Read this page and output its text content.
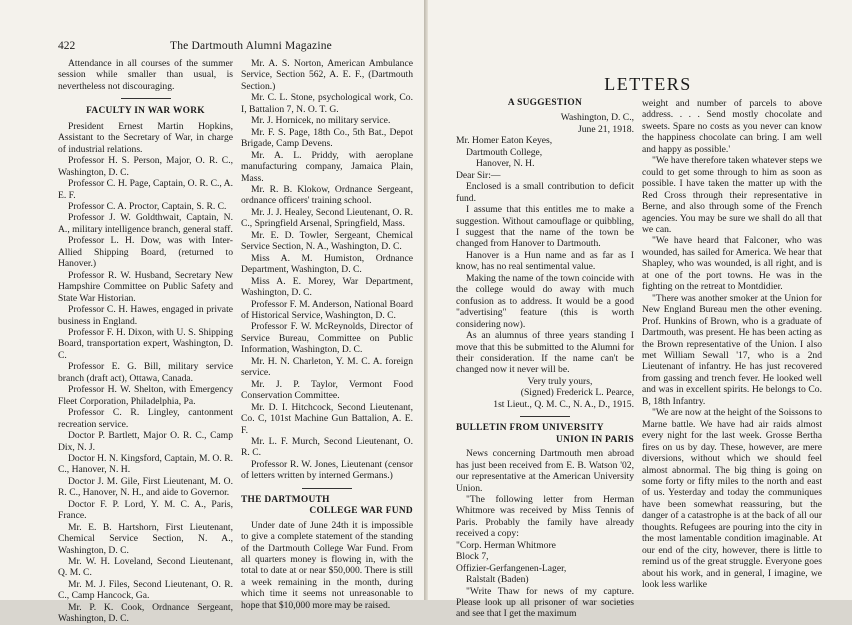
422	The Dartmouth Alumni Magazine

Attendance in all courses of the summer session while smaller than usual, is nevertheless not discouraging.

FACULTY IN WAR WORK

President Ernest Martin Hopkins, Assistant to the Secretary of War, in charge of industrial relations.

Professor H. S. Person, Major, O. R. C., Washington, D. C.

Professor C. H. Page, Captain, O. R. C., A. E. F.

Professor C. A. Proctor, Captain, S. R. C.

Professor J. W. Goldthwait, Captain, N. A., military intelligence branch, general staff.

Professor L. H. Dow, was with Inter-Allied Shipping Board, (returned to Hanover.)

Professor R. W. Husband, Secretary New Hampshire Committee on Public Safety and State War Historian.

Professor C. H. Hawes, engaged in private business in England.

Professor F. H. Dixon, with U. S. Shipping Board, transportation expert, Washington, D. C.

Professor E. G. Bill, military service branch (draft act), Ottawa, Canada.

Professor H. W. Shelton, with Emergency Fleet Corporation, Philadelphia, Pa.

Professor C. R. Lingley, cantonment recreation service.

Doctor P. Bartlett, Major O. R. C., Camp Dix, N. J.

Doctor H. N. Kingsford, Captain, M. O. R. C., Hanover, N. H.

Doctor J. M. Gile, First Lieutenant, M. O. R. C., Hanover, N. H., and aide to Governor.

Doctor F. P. Lord, Y. M. C. A., Paris, France.

Mr. E. B. Hartshorn, First Lieutenant, Chemical Service Section, N. A., Washington, D. C.

Mr. W. H. Loveland, Second Lieutenant, Q. M. C.

Mr. M. J. Files, Second Lieutenant, O. R. C., Camp Hancock, Ga.

Mr. P. K. Cook, Ordnance Sergeant, Washington, D. C.

Mr. A. S. Norton, American Ambulance Service, Section 562, A. E. F., (Dartmouth Section.)

Mr. C. L. Stone, psychological work, Co. I, Battalion 7, N. O. T. G.

Mr. J. Hornicek, no military service.

Mr. F. S. Page, 18th Co., 5th Bat., Depot Brigade, Camp Devens.

Mr. A. L. Priddy, with aeroplane manufacturing company, Jamaica Plain, Mass.

Mr. R. B. Klokow, Ordnance Sergeant, ordnance officers' training school.

Mr. J. J. Healey, Second Lieutenant, O. R. C., Springfield Arsenal, Springfield, Mass.

Mr. E. D. Towler, Sergeant, Chemical Service Section, N. A., Washington, D. C.

Miss A. M. Humiston, Ordnance Department, Washington, D. C.

Miss A. E. Morey, War Department, Washington, D. C.

Professor F. M. Anderson, National Board of Historical Service, Washington, D. C.

Professor F. W. McReynolds, Director of Service Bureau, Committee on Public Information, Washington, D. C.

Mr. H. N. Charleton, Y. M. C. A. foreign service.

Mr. J. P. Taylor, Vermont Food Conservation Committee.

Mr. D. I. Hitchcock, Second Lieutenant, Co. C, 101st Machine Gun Battalion, A. E. F.

Mr. L. F. Murch, Second Lieutenant, O. R. C.

Professor R. W. Jones, Lieutenant (censor of letters written by interned Germans.)

THE DARTMOUTH

COLLEGE WAR FUND

Under date of June 24th it is impossible to give a complete statement of the standing of the Dartmouth College War Fund. From all quarters money is flowing in, with the total to date at or near $50,000. There is still a week remaining in the month, during which time it seems not unreasonable to hope that $10,000 more may be raised.

LETTERS

A SUGGESTION

Washington, D. C.,

June 21, 1918.

Mr. Homer Eaton Keyes,

Dartmouth College,

Hanover, N. H.

Dear Sir:—

Enclosed is a small contribution to deficit fund.

I assume that this entitles me to make a suggestion. Without camouflage or quibbling, I suggest that the name of the town be changed from Hanover to Dartmouth.

Hanover is a Hun name and as far as I know, has no real sentimental value.

Making the name of the town coincide with the college would do away with much confusion as to address. It would be a good "advertising" feature (this is worth considering now).

As an alumnus of three years standing I move that this be submitted to the Alumni for their consideration. If the name can't be changed now it never will be.

Very truly yours,

(Signed) Frederick L. Pearce,

1st Lieut., Q. M. C., N. A., D., 1915.

BULLETIN FROM UNIVERSITY

UNION IN PARIS

News concerning Dartmouth men abroad has just been received from E. B. Watson '02, our representative at the American University Union.

"The following letter from Herman Whitmore was received by Miss Tennis of Paris. Probably the family have already received a copy:

"Corp. Herman Whitmore

Block 7,

Offizier-Gerfangenen-Lager,

Ralstalt (Baden)

"Write Thaw for news of my capture. Please look up all prisoner of war societies and see that I get the maximum

weight and number of parcels to above address. . . . Send mostly chocolate and sweets. Spare no costs as you never can know the happiness chocolate can bring. I am well and happy as possible.'

"We have therefore taken whatever steps we could to get some through to him as soon as possible. I have taken the matter up with the Red Cross through their representative in Berne, and also through some of the French agencies. You may be sure we shall do all that we can.

"We have heard that Falconer, who was wounded, has sailed for America. We hear that Shapley, who was wounded, is all right, and is at one of the port towns. He was in the fighting on the retreat to Montdidier.

"There was another smoker at the Union for New England Bureau men the other evening. Prof. Hunkins of Brown, who is a graduate of Dartmouth, was present. He has been acting as the Brown representative of the Union. I also met William Sewall '17, who is a 2nd Lieutenant of infantry. He has just recovered from gassing and trench fever. He looked well and was in excellent spirits. He belongs to Co. B, 18th Infantry.

"We are now at the height of the Soissons to Marne battle. We have had air raids almost every night for the last week. Grosse Bertha fires on us by day. These, however, are mere diversions, without which we should feel almost abnormal. The big thing is going on some forty or fifty miles to the north and east of us. Yesterday and today the communiques have been somewhat reassuring, but the danger of a catastrophe is at the back of all our thoughts. Refugees are pouring into the city in the most lamentable condition imaginable. At our end of the city, however, there is little to remind us of the great struggle. Everyone goes about his work, and in general, I imagine, we look less warlike
